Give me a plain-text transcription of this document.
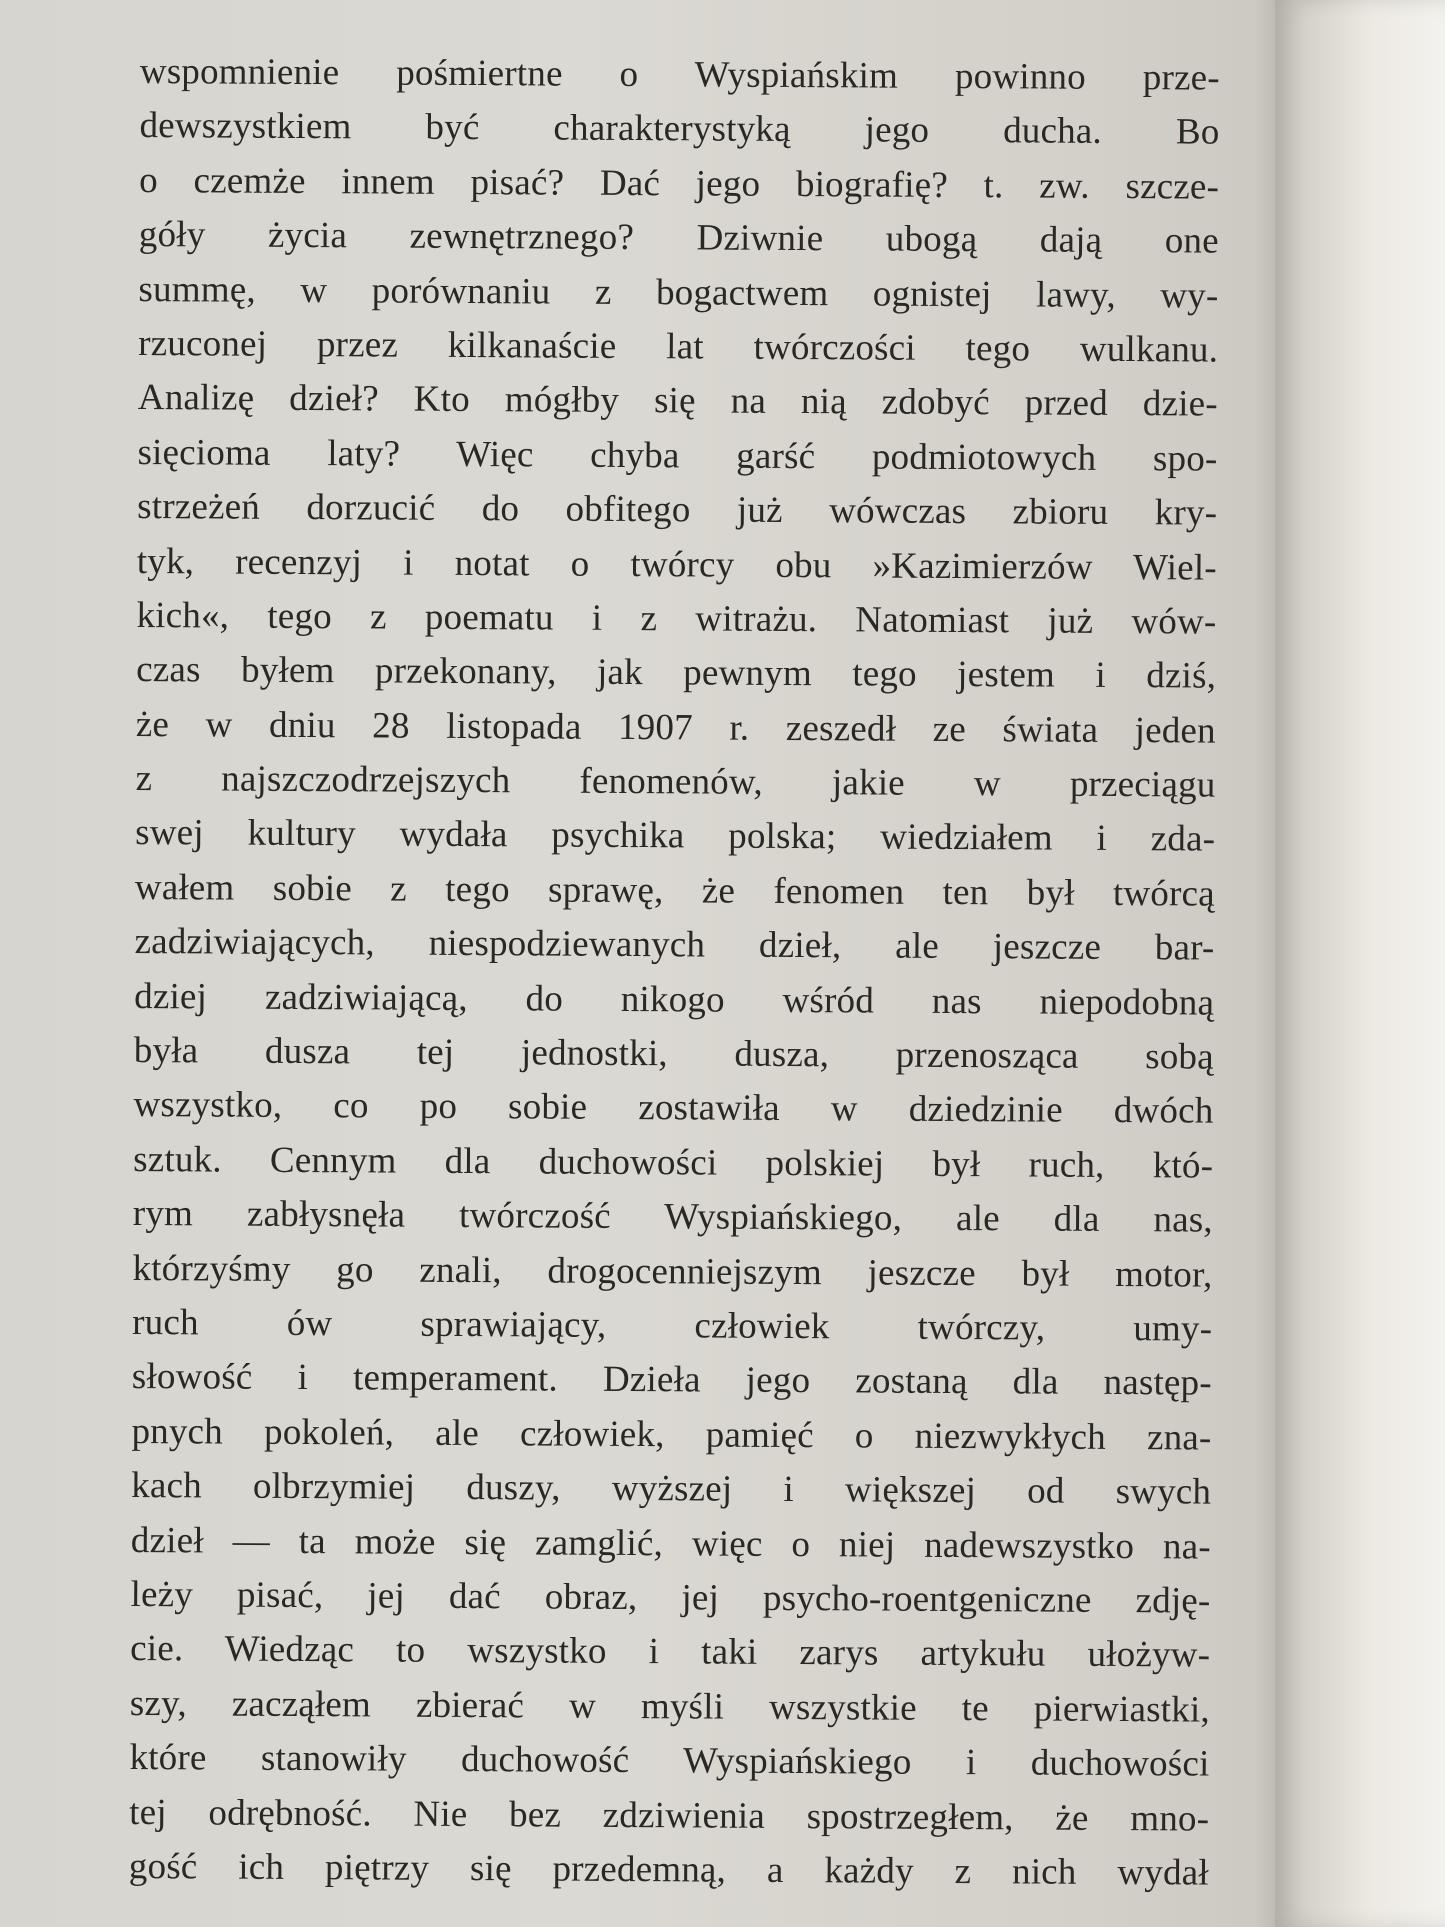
wspomnienie pośmiertne o Wyspiańskim powinno prze-
dewszystkiem być charakterystyką jego ducha. Bo
o czemże innem pisać? Dać jego biografię? t. zw. szcze-
góły życia zewnętrznego? Dziwnie ubogą dają one
summę, w porównaniu z bogactwem ognistej lawy, wy-
rzuconej przez kilkanaście lat twórczości tego wulkanu.
Analizę dzieł? Kto mógłby się na nią zdobyć przed dzie-
sięcioma laty? Więc chyba garść podmiotowych spo-
strzeżeń dorzucić do obfitego już wówczas zbioru kry-
tyk, recenzyj i notat o twórcy obu »Kazimierzów Wiel-
kich«, tego z poematu i z witrażu. Natomiast już wów-
czas byłem przekonany, jak pewnym tego jestem i dziś,
że w dniu 28 listopada 1907 r. zeszedł ze świata jeden
z najszczodrzejszych fenomenów, jakie w przeciągu
swej kultury wydała psychika polska; wiedziałem i zda-
wałem sobie z tego sprawę, że fenomen ten był twórcą
zadziwiających, niespodziewanych dzieł, ale jeszcze bar-
dziej zadziwiającą, do nikogo wśród nas niepodobną
była dusza tej jednostki, dusza, przenosząca sobą
wszystko, co po sobie zostawiła w dziedzinie dwóch
sztuk. Cennym dla duchowości polskiej był ruch, któ-
rym zabłysnęła twórczość Wyspiańskiego, ale dla nas,
którzyśmy go znali, drogocenniejszym jeszcze był motor,
ruch ów sprawiający, człowiek twórczy, umy-
słowość i temperament. Dzieła jego zostaną dla następ-
pnych pokoleń, ale człowiek, pamięć o niezwykłych zna-
kach olbrzymiej duszy, wyższej i większej od swych
dzieł — ta może się zamglić, więc o niej nadewszystko na-
leży pisać, jej dać obraz, jej psycho-roentgeniczne zdję-
cie. Wiedząc to wszystko i taki zarys artykułu ułożyw-
szy, zacząłem zbierać w myśli wszystkie te pierwiastki,
które stanowiły duchowość Wyspiańskiego i duchowości
tej odrębność. Nie bez zdziwienia spostrzegłem, że mno-
gość ich piętrzy się przedemną, a każdy z nich wydał
